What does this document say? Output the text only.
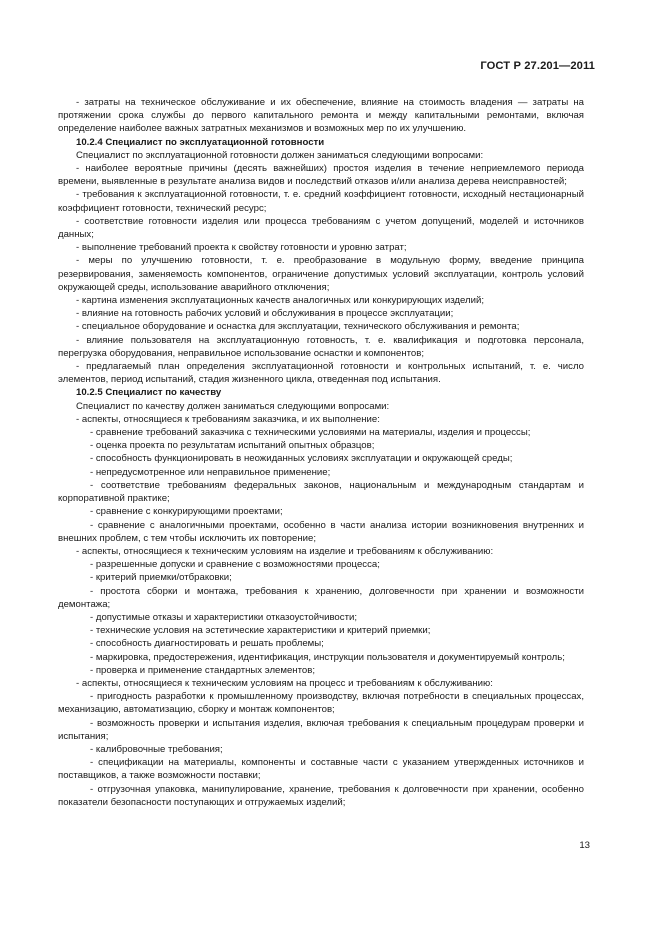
ГОСТ Р 27.201—2011

- затраты на техническое обслуживание и их обеспечение, влияние на стоимость владения — затраты на протяжении срока службы до первого капитального ремонта и между капитальными ремонтами, включая определение наиболее важных затратных механизмов и возможных мер по их улучшению.

10.2.4 Специалист по эксплуатационной готовности

Специалист по эксплуатационной готовности должен заниматься следующими вопросами:

- наиболее вероятные причины (десять важнейших) простоя изделия в течение неприемлемого периода времени, выявленные в результате анализа видов и последствий отказов и/или анализа дерева неисправностей;

- требования к эксплуатационной готовности, т. е. средний коэффициент готовности, исходный нестационарный коэффициент готовности, технический ресурс;

- соответствие готовности изделия или процесса требованиям с учетом допущений, моделей и источников данных;

- выполнение требований проекта к свойству готовности и уровню затрат;

- меры по улучшению готовности, т. е. преобразование в модульную форму, введение принципа резервирования, заменяемость компонентов, ограничение допустимых условий эксплуатации, контроль условий окружающей среды, использование аварийного отключения;

- картина изменения эксплуатационных качеств аналогичных или конкурирующих изделий;

- влияние на готовность рабочих условий и обслуживания в процессе эксплуатации;

- специальное оборудование и оснастка для эксплуатации, технического обслуживания и ремонта;

- влияние пользователя на эксплуатационную готовность, т. е. квалификация и подготовка персонала, перегрузка оборудования, неправильное использование оснастки и компонентов;

- предлагаемый план определения эксплуатационной готовности и контрольных испытаний, т. е. число элементов, период испытаний, стадия жизненного цикла, отведенная под испытания.

10.2.5 Специалист по качеству

Специалист по качеству должен заниматься следующими вопросами:

- аспекты, относящиеся к требованиям заказчика, и их выполнение:

- сравнение требований заказчика с техническими условиями на материалы, изделия и процессы;

- оценка проекта по результатам испытаний опытных образцов;

- способность функционировать в неожиданных условиях эксплуатации и окружающей среды;

- непредусмотренное или неправильное применение;

- соответствие требованиям федеральных законов, национальным и международным стандартам и корпоративной практике;

- сравнение с конкурирующими проектами;

- сравнение с аналогичными проектами, особенно в части анализа истории возникновения внутренних и внешних проблем, с тем чтобы исключить их повторение;

- аспекты, относящиеся к техническим условиям на изделие и требованиям к обслуживанию:

- разрешенные допуски и сравнение с возможностями процесса;

- критерий приемки/отбраковки;

- простота сборки и монтажа, требования к хранению, долговечности при хранении и возможности демонтажа;

- допустимые отказы и характеристики отказоустойчивости;

- технические условия на эстетические характеристики и критерий приемки;

- способность диагностировать и решать проблемы;

- маркировка, предостережения, идентификация, инструкции пользователя и документируемый контроль;

- проверка и применение стандартных элементов;

- аспекты, относящиеся к техническим условиям на процесс и требованиям к обслуживанию:

- пригодность разработки к промышленному производству, включая потребности в специальных процессах, механизацию, автоматизацию, сборку и монтаж компонентов;

- возможность проверки и испытания изделия, включая требования к специальным процедурам проверки и испытания;

- калибровочные требования;

- спецификации на материалы, компоненты и составные части с указанием утвержденных источников и поставщиков, а также возможности поставки;

- отгрузочная упаковка, манипулирование, хранение, требования к долговечности при хранении, особенно показатели безопасности поступающих и отгружаемых изделий;

13
